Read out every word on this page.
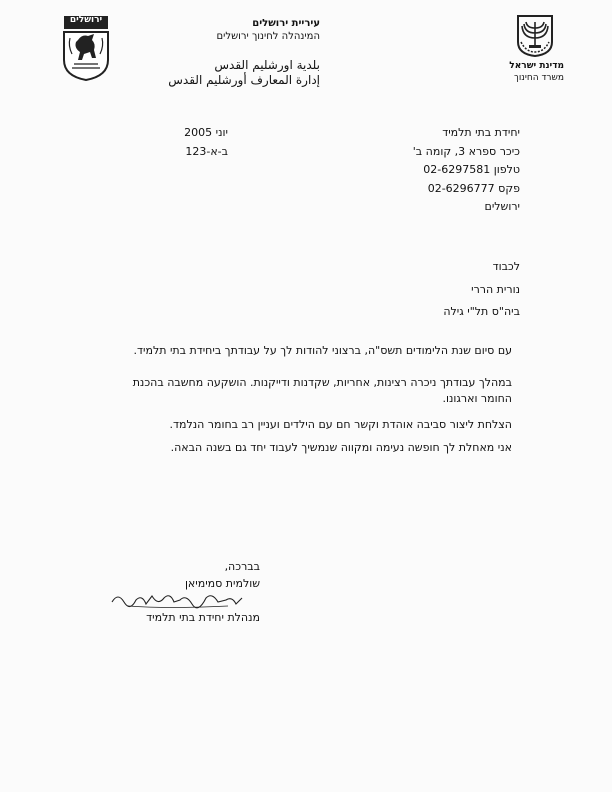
מדינת ישראל
משרד החינוך
ירושלים	עיריית ירושלים
המינהלה לחינוך ירושלים
بلدية اورشليم القدس
إدارة المعارف أورشليم القدس
יחידת בתי תלמיד
כיכר ספרא 3, קומה ב'
טלפון 02-6297581
פקס 02-6296777
ירושלים
יוני 2005
ב-א-123
לכבוד
נורית הררי
ביה"ס תל"י גילה
עם סיום שנת הלימודים תשס"ה, ברצוני להודות לך על עבודתך ביחידת בתי תלמיד.
במהלך עבודתך ניכרה רצינות, אחריות, שקדנות ודייקנות. הושקעה מחשבה בהכנת החומר וארגונו.
הצלחת ליצור סביבה אוהדת וקשר חם עם הילדים ועניין רב בחומר הנלמד.
אני מאחלת לך חופשה נעימה ומקווה שנמשיך לעבוד יחד גם בשנה הבאה.
בברכה,
שולמית סמימיאן
מנהלת יחידת בתי תלמיד
